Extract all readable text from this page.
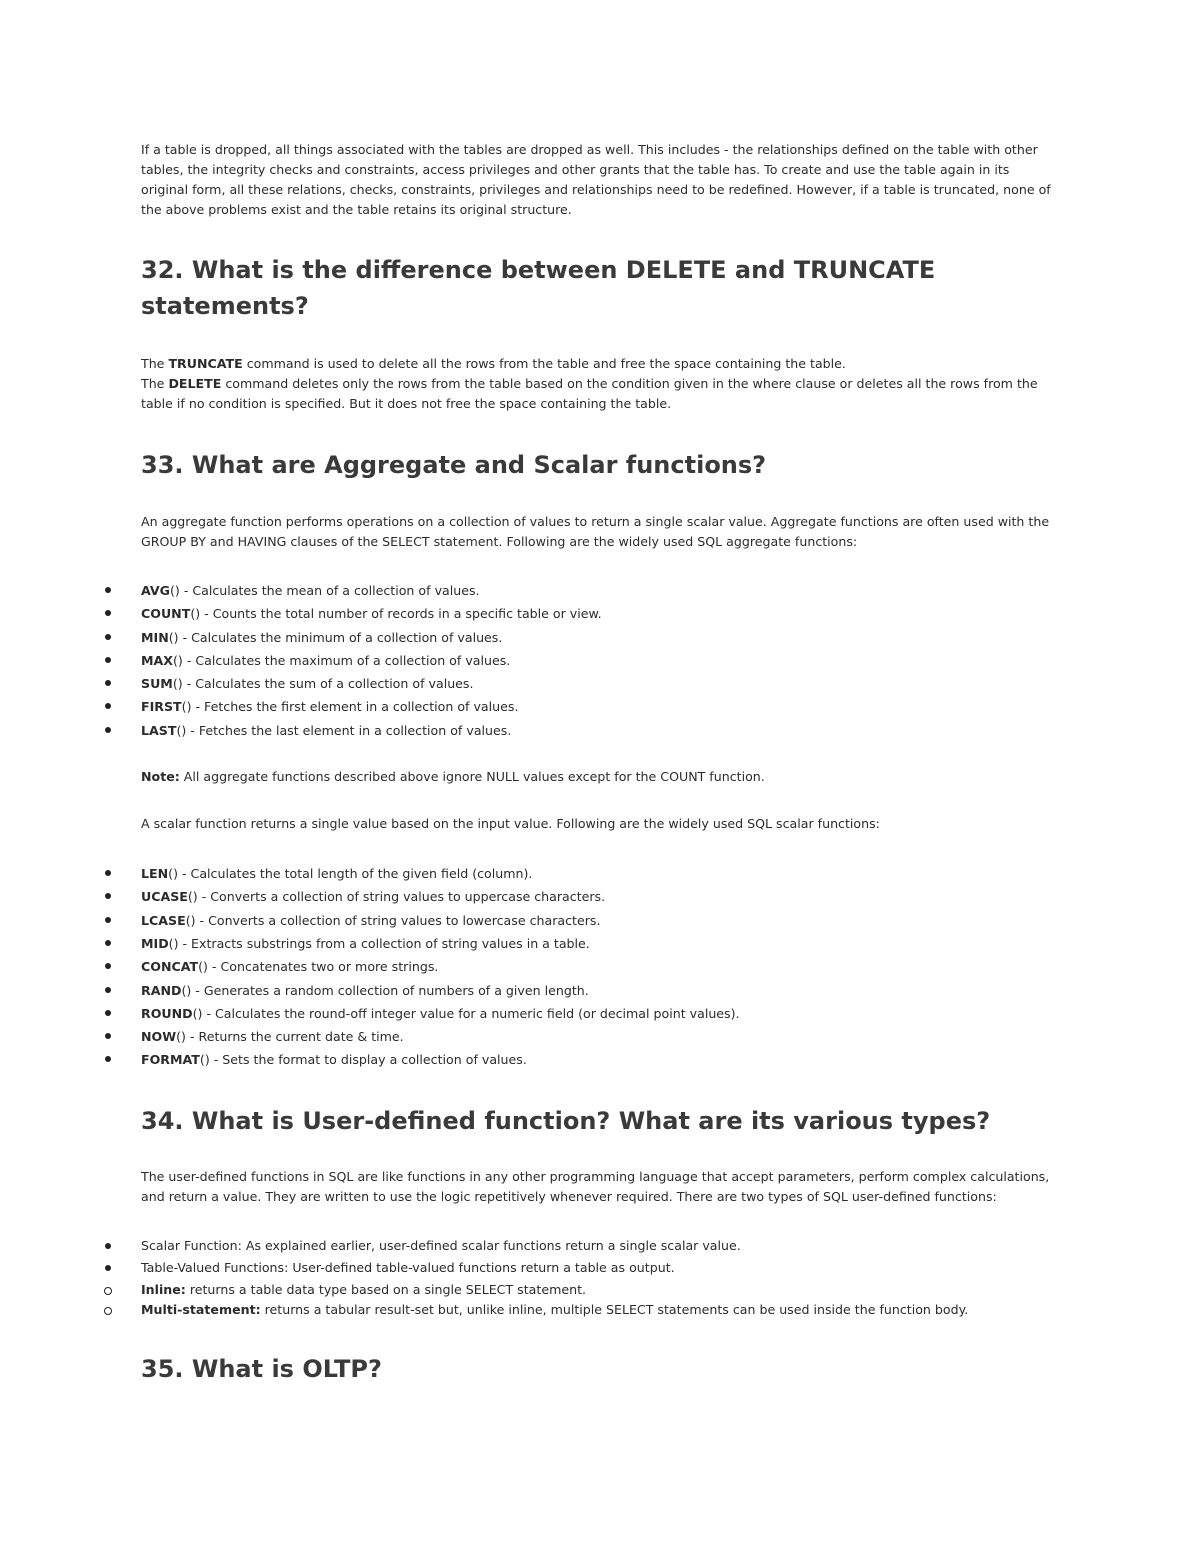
If a table is dropped, all things associated with the tables are dropped as well. This includes - the relationships defined on the table with other tables, the integrity checks and constraints, access privileges and other grants that the table has. To create and use the table again in its original form, all these relations, checks, constraints, privileges and relationships need to be redefined. However, if a table is truncated, none of the above problems exist and the table retains its original structure.

32. What is the difference between DELETE and TRUNCATE statements?

The TRUNCATE command is used to delete all the rows from the table and free the space containing the table.

The DELETE command deletes only the rows from the table based on the condition given in the where clause or deletes all the rows from the table if no condition is specified. But it does not free the space containing the table.

33. What are Aggregate and Scalar functions?

An aggregate function performs operations on a collection of values to return a single scalar value. Aggregate functions are often used with the GROUP BY and HAVING clauses of the SELECT statement. Following are the widely used SQL aggregate functions:

AVG() - Calculates the mean of a collection of values.
COUNT() - Counts the total number of records in a specific table or view.
MIN() - Calculates the minimum of a collection of values.
MAX() - Calculates the maximum of a collection of values.
SUM() - Calculates the sum of a collection of values.
FIRST() - Fetches the first element in a collection of values.
LAST() - Fetches the last element in a collection of values.

Note: All aggregate functions described above ignore NULL values except for the COUNT function.

A scalar function returns a single value based on the input value. Following are the widely used SQL scalar functions:

LEN() - Calculates the total length of the given field (column).
UCASE() - Converts a collection of string values to uppercase characters.
LCASE() - Converts a collection of string values to lowercase characters.
MID() - Extracts substrings from a collection of string values in a table.
CONCAT() - Concatenates two or more strings.
RAND() - Generates a random collection of numbers of a given length.
ROUND() - Calculates the round-off integer value for a numeric field (or decimal point values).
NOW() - Returns the current date & time.
FORMAT() - Sets the format to display a collection of values.
34. What is User-defined function? What are its various types?

The user-defined functions in SQL are like functions in any other programming language that accept parameters, perform complex calculations, and return a value. They are written to use the logic repetitively whenever required. There are two types of SQL user-defined functions:

Scalar Function: As explained earlier, user-defined scalar functions return a single scalar value.
Table-Valued Functions: User-defined table-valued functions return a table as output.
Inline: returns a table data type based on a single SELECT statement.
Multi-statement: returns a tabular result-set but, unlike inline, multiple SELECT statements can be used inside the function body.
35. What is OLTP?
